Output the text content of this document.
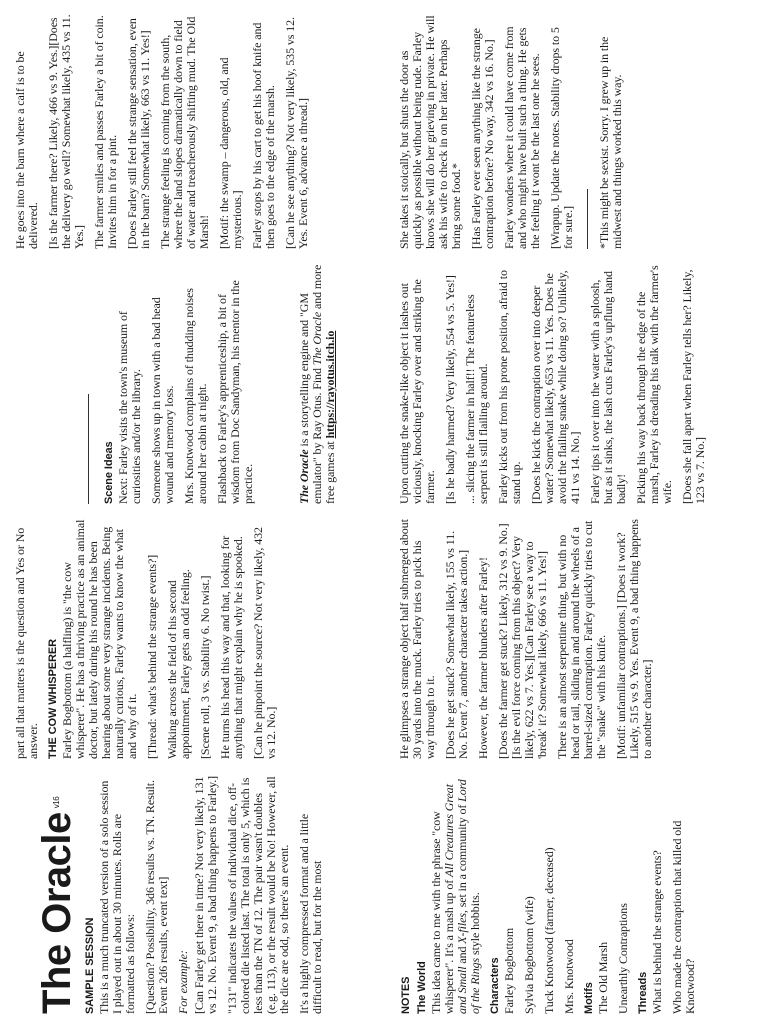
The Oracle$^{v16}$
SAMPLE SESSION This is a much truncated version of a solo session I played out in about 30 minutes. Rolls are formatted as follows: [Question? Possibility, 3d6 results vs. TN. Result. Event 2d6 results, event text] For example: [Can Farley get there in time? Not very likely, 131 vs 12. No. Event 9, a bad thing happens to Farley.] "131" indicates the values of individual dice, off-colored die listed last. The total is only 5, which is less than the TN of 12. The pair wasn't doubles (e.g. 113), or the result would be No! However, all the dice are odd, so there's an event. It's a highly compressed format and a little difficult to read, but for the most

part all that matters is the question and Yes or No answer. THE COW WHISPERER Farley Bogbottom (a halfling) is "the cow whisperer". He has a thriving practice as an animal doctor, but lately during his round he has been hearing about some very strange incidents. Being naturally curious, Farley wants to know the what and why of it. [Thread: what's behind the strange events?] Walking across the field of his second appointment, Farley gets an odd feeling. [Scene roll, 3 vs. Stability 6. No twist.] He turns his head this way and that, looking for anything that might explain why he is spooked. [Can he pinpoint the source? Not very likely, 432 vs 12. No.]

Scene Ideas Next: Farley visits the town's museum of curiosities and/or the library. Someone shows up in town with a bad head wound and memory loss. Mrs. Knotwood complains of thudding noises around her cabin at night. Flashback to Farley's apprenticeship, a bit of wisdom from Doc Sandyman, his mentor in the practice.	The Oracle is a storytelling engine and "GM emulator" by Ray Otus. Find The Oracle and more free games at https://rayotus.itch.io

He goes into the barn where a calf is to be delivered. [Is the farmer there? Likely, 466 vs 9. Yes.][Does the delivery go well? Somewhat likely, 435 vs 11. Yes.] The farmer smiles and passes Farley a bit of coin. Invites him in for a pint. [Does Farley still feel the strange sensation, even in the barn? Somewhat likely, 663 vs 11. Yes!] The strange feeling is coming from the south, where the land slopes dramatically down to field of water and treacherously shifting mud. The Old Marsh! [Motif: the swamp – dangerous, old, and mysterious.] Farley stops by his cart to get his hoof knife and then goes to the edge of the marsh. [Can he see anything? Not very likely, 535 vs 12. Yes. Event 6, advance a thread.]

NOTES The World This idea came to me with the phrase "cow whisperer". It's a mash up of All Creatures Great and Small and X-files, set in a community of Lord of the Rings style hobbits.

Characters Farley Bogbottom Sylvia Bogbottom (wife) Tuck Knotwood (farmer, deceased) Mrs. Knotwood Motifs The Old Marsh Unearthly Contraptions Threads What is behind the strange events? Who made the contraption that killed old Knotwood?

He glimpses a strange object half submerged about 30 yards into the muck. Farley tries to pick his way through to it. [Does he get stuck? Somewhat likely, 155 vs 11. No. Event 7, another character takes action.] However, the farmer blunders after Farley! [Does the farmer get stuck? Likely, 312 vs 9. No.][Is the evil force coming from this object? Very likely, 622 vs 7. Yes.][Can Farley see a way to 'break' it? Somewhat likely, 666 vs 11. Yes!] There is an almost serpentine thing, but with no head or tail, sliding in and around the wheels of a barrel-sized contraption. Farley quickly tries to cut the "snake" with his knife. [Motif: unfamiliar contraptions.] [Does it work? Likely, 515 vs 9. Yes. Event 9, a bad thing happens to another character.]

Upon cutting the snake-like object it lashes out viciously, knocking Farley over and striking the farmer. [Is he badly harmed? Very likely, 554 vs 5. Yes!] ... slicing the farmer in half!! The featureless serpent is still flailing around. Farley kicks out from his prone position, afraid to stand up. [Does he kick the contraption over into deeper water? Somewhat likely, 653 vs 11. Yes. Does he avoid the flailing snake while doing so? Unlikely, 411 vs 14. No.] Farley tips it over into the water with a sploosh, but as it sinks, the lash cuts Farley's upflung hand badly! Picking his way back through the edge of the marsh, Farley is dreading his talk with the farmer's wife. [Does she fall apart when Farley tells her? Likely, 123 vs 7. No.]

She takes it stoically, but shuts the door as quickly as possible without being rude. Farley knows she will do her grieving in private. He will ask his wife to check in on her later. Perhaps bring some food.* [Has Farley ever seen anything like the strange contraption before? No way, 342 vs 16. No.] Farley wonders where it could have come from and who might have built such a thing. He gets the feeling it wont be the last one he sees. [Wrapup. Update the notes. Stability drops to 5 for sure.] *This might be sexist. Sorry. I grew up in the midwest and things worked this way.
